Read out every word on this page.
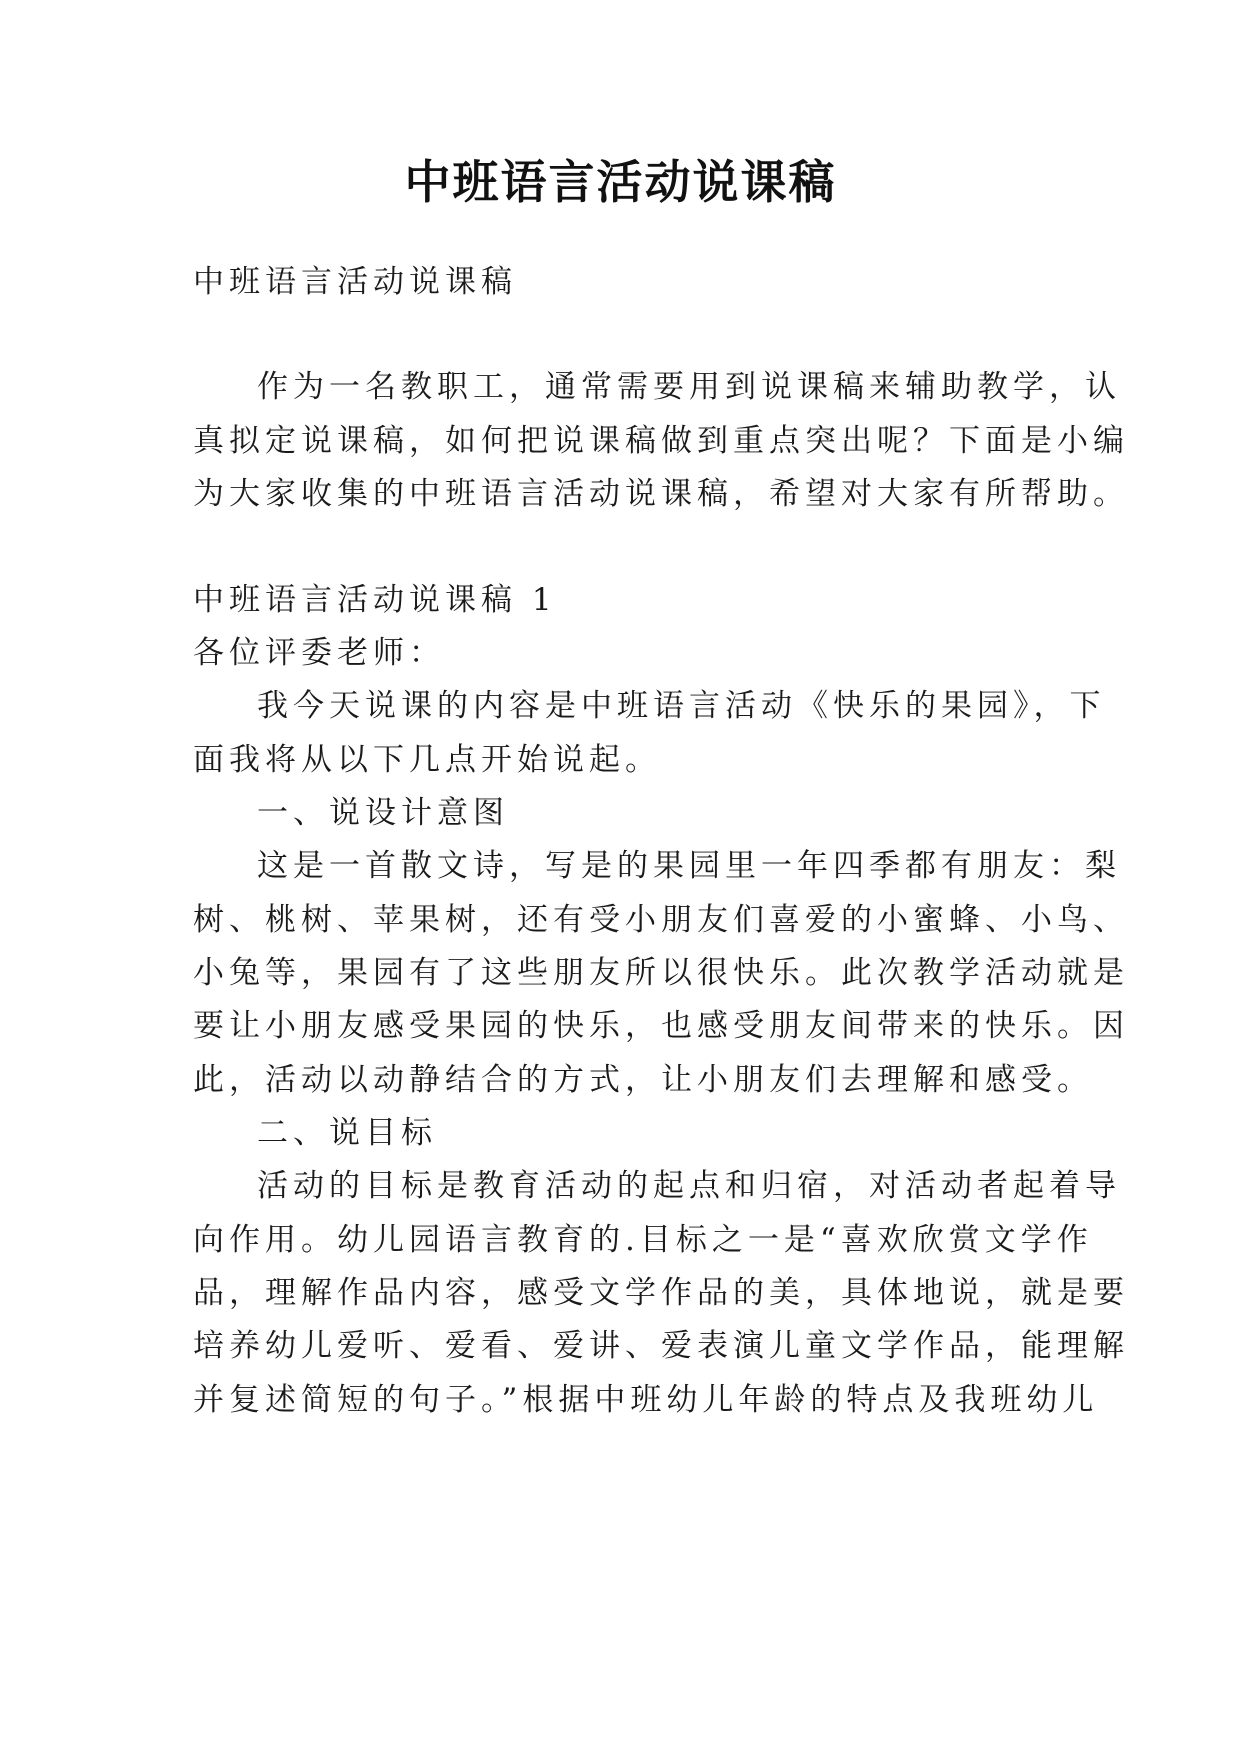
中班语言活动说课稿
中班语言活动说课稿
作为一名教职工，通常需要用到说课稿来辅助教学，认
真拟定说课稿，如何把说课稿做到重点突出呢？下面是小编
为大家收集的中班语言活动说课稿，希望对大家有所帮助。
中班语言活动说课稿 1
各位评委老师：
我今天说课的内容是中班语言活动《快乐的果园》，下
面我将从以下几点开始说起。
一、说设计意图
这是一首散文诗，写是的果园里一年四季都有朋友：梨
树、桃树、苹果树，还有受小朋友们喜爱的小蜜蜂、小鸟、
小兔等，果园有了这些朋友所以很快乐。此次教学活动就是
要让小朋友感受果园的快乐，也感受朋友间带来的快乐。因
此，活动以动静结合的方式，让小朋友们去理解和感受。
二、说目标
活动的目标是教育活动的起点和归宿，对活动者起着导
向作用。幼儿园语言教育的.目标之一是“喜欢欣赏文学作
品，理解作品内容，感受文学作品的美，具体地说，就是要
培养幼儿爱听、爱看、爱讲、爱表演儿童文学作品，能理解
并复述简短的句子。”根据中班幼儿年龄的特点及我班幼儿
